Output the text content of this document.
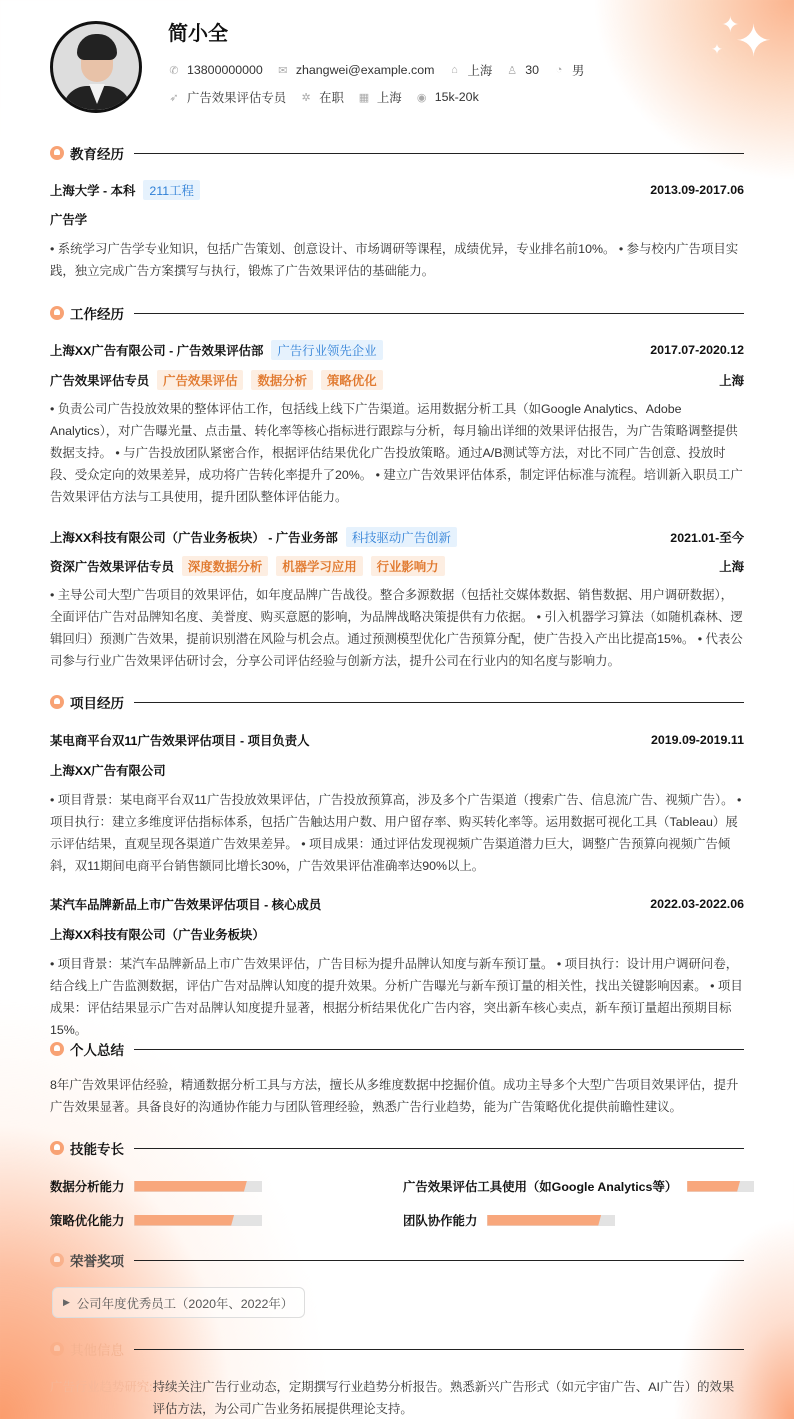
简小全
✆ 13800000000 ✉ zhangwei@example.com ⌂ 上海 ♙ 30 ◔ 男
➶ 广告效果评估专员 ✲ 在职 ▦ 上海 ◉ 15k-20k
✦
✦
✦
教育经历
上海大学 - 本科	211工程	2013.09-2017.06
广告学
• 系统学习广告学专业知识，包括广告策划、创意设计、市场调研等课程，成绩优异，专业排名前10%。 • 参与校内广告项目实践，独立完成广告方案撰写与执行，锻炼了广告效果评估的基础能力。
工作经历
上海XX广告有限公司 - 广告效果评估部	广告行业领先企业	2017.07-2020.12
广告效果评估专员	广告效果评估	数据分析	策略优化	上海
• 负责公司广告投放效果的整体评估工作，包括线上线下广告渠道。运用数据分析工具（如Google Analytics、Adobe Analytics），对广告曝光量、点击量、转化率等核心指标进行跟踪与分析，每月输出详细的效果评估报告，为广告策略调整提供数据支持。 • 与广告投放团队紧密合作，根据评估结果优化广告投放策略。通过A/B测试等方法，对比不同广告创意、投放时段、受众定向的效果差异，成功将广告转化率提升了20%。 • 建立广告效果评估体系，制定评估标准与流程。培训新入职员工广告效果评估方法与工具使用，提升团队整体评估能力。
上海XX科技有限公司（广告业务板块） - 广告业务部	科技驱动广告创新	2021.01-至今
资深广告效果评估专员	深度数据分析	机器学习应用	行业影响力	上海
• 主导公司大型广告项目的效果评估，如年度品牌广告战役。整合多源数据（包括社交媒体数据、销售数据、用户调研数据），全面评估广告对品牌知名度、美誉度、购买意愿的影响，为品牌战略决策提供有力依据。 • 引入机器学习算法（如随机森林、逻辑回归）预测广告效果，提前识别潜在风险与机会点。通过预测模型优化广告预算分配，使广告投入产出比提高15%。 • 代表公司参与行业广告效果评估研讨会，分享公司评估经验与创新方法，提升公司在行业内的知名度与影响力。
项目经历
某电商平台双11广告效果评估项目 - 项目负责人	2019.09-2019.11
上海XX广告有限公司
• 项目背景：某电商平台双11广告投放效果评估，广告投放预算高，涉及多个广告渠道（搜索广告、信息流广告、视频广告）。 • 项目执行：建立多维度评估指标体系，包括广告触达用户数、用户留存率、购买转化率等。运用数据可视化工具（Tableau）展示评估结果，直观呈现各渠道广告效果差异。 • 项目成果：通过评估发现视频广告渠道潜力巨大，调整广告预算向视频广告倾斜，双11期间电商平台销售额同比增长30%，广告效果评估准确率达90%以上。
某汽车品牌新品上市广告效果评估项目 - 核心成员	2022.03-2022.06
上海XX科技有限公司（广告业务板块）
• 项目背景：某汽车品牌新品上市广告效果评估，广告目标为提升品牌认知度与新车预订量。 • 项目执行：设计用户调研问卷，结合线上广告监测数据，评估广告对品牌认知度的提升效果。分析广告曝光与新车预订量的相关性，找出关键影响因素。 • 项目成果：评估结果显示广告对品牌认知度提升显著，根据分析结果优化广告内容，突出新车核心卖点，新车预订量超出预期目标15%。
个人总结
8年广告效果评估经验，精通数据分析工具与方法，擅长从多维度数据中挖掘价值。成功主导多个大型广告项目效果评估，提升广告效果显著。具备良好的沟通协作能力与团队管理经验，熟悉广告行业趋势，能为广告策略优化提供前瞻性建议。
技能专长
数据分析能力	广告效果评估工具使用（如Google Analytics等）
策略优化能力	团队协作能力
荣誉奖项
▶ 公司年度优秀员工（2020年、2022年）
其他信息
广告行业趋势研究: 持续关注广告行业动态，定期撰写行业趋势分析报告。熟悉新兴广告形式（如元宇宙广告、AI广告）的效果评估方法，为公司广告业务拓展提供理论支持。
